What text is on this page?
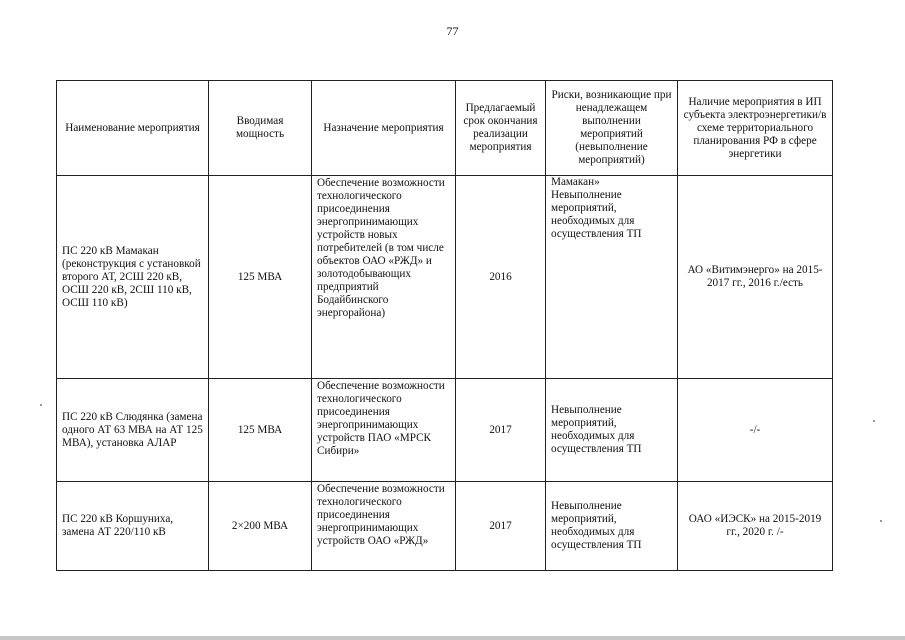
77
Наименование мероприятия	Вводимая мощность	Назначение мероприятия	Предлагаемый срок окончания реализации мероприятия	Риски, возникающие при ненадлежащем выполнении мероприятий (невыполнение мероприятий)	Наличие мероприятия в ИП субъекта электроэнергетики/в схеме территориального планирования РФ в сфере энергетики
ПС 220 кВ Мамакан (реконструкция с установкой второго АТ, 2СШ 220 кВ, ОСШ 220 кВ, 2СШ 110 кВ, ОСШ 110 кВ)	125 МВА	Обеспечение возможности технологического присоединения энергопринимающих устройств новых потребителей (в том числе объектов ОАО «РЖД» и золотодобывающих предприятий Бодайбинского энергорайона)	2016	Мамакан» Невыполнение мероприятий, необходимых для осуществления ТП	АО «Витимэнерго» на 2015-2017 гг., 2016 г./есть
ПС 220 кВ Слюдянка (замена одного АТ 63 МВА на АТ 125 МВА), установка АЛАР	125 МВА	Обеспечение возможности технологического присоединения энергопринимающих устройств ПАО «МРСК Сибири»	2017	Невыполнение мероприятий, необходимых для осуществления ТП	-/-
ПС 220 кВ Коршуниха, замена АТ 220/110 кВ	2×200 МВА	Обеспечение возможности технологического присоединения энергопринимающих устройств ОАО «РЖД»	2017	Невыполнение мероприятий, необходимых для осуществления ТП	ОАО «ИЭСК» на 2015-2019 гг., 2020 г. /-
